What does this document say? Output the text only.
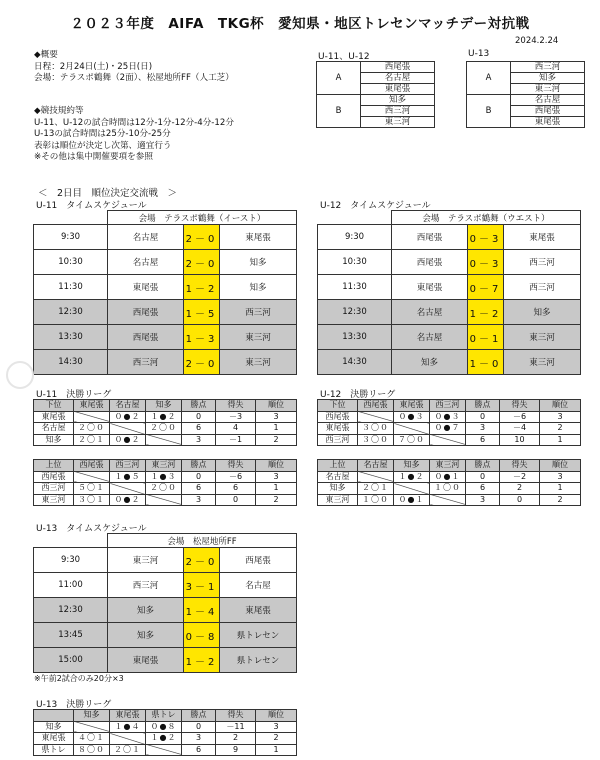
２０２３年度　AIFA　TKG杯　愛知県・地区トレセンマッチデー対抗戦
2024.2.24
◆概要
日程：2月24日(土)・25日(日)
会場：テラスポ鶴舞（2面）、松屋地所FF（人工芝）
◆競技規約等
U-11、U-12の試合時間は12分-1分-12分-4分-12分
U-13の試合時間は25分-10分-25分
表彰は順位が決定し次第、適宜行う
※その他は集中開催要項を参照
U-11、U-12
A	西尾張
	名古屋
	東尾張
B	知多
	西三河
	東三河
U-13
A	西三河
	知多
	東三河
B	名古屋
	西尾張
	東尾張
＜　2日目　順位決定交流戦　＞
U-11　タイムスケジュール
	会場　テラスポ鶴舞（イースト）		
9:30	名古屋	2－0	東尾張
10:30	名古屋	2－0	知多
11:30	東尾張	1－2	知多
12:30	西尾張	1－5	西三河
13:30	西尾張	1－3	東三河
14:30	西三河	2－0	東三河
U-12　タイムスケジュール
	会場　テラスポ鶴舞（ウエスト）		
9:30	西尾張	0－3	東尾張
10:30	西尾張	0－3	西三河
11:30	東尾張	0－7	西三河
12:30	名古屋	1－2	知多
13:30	名古屋	0－1	東三河
14:30	知多	1－0	東三河
U-11　決勝リーグ
下位	東尾張	名古屋	知多	勝点	得失	順位
東尾張		０●２	１●２	0	－3	3
名古屋	２〇０		２〇０	6	4	1
知多	２〇１	０●２		3	－1	2
上位	西尾張	西三河	東三河	勝点	得失	順位
西尾張		１●５	１●３	0	－6	3
西三河	５〇１		２〇０	6	6	1
東三河	３〇１	０●２		3	0	2
U-12　決勝リーグ
下位	西尾張	東尾張	西三河	勝点	得失	順位
西尾張		０●３	０●３	0	－6	3
東尾張	３〇０		０●７	3	－4	2
西三河	３〇０	７〇０		6	10	1
上位	名古屋	知多	東三河	勝点	得失	順位
名古屋		１●２	０●１	0	－2	3
知多	２〇１		１〇０	6	2	1
東三河	１〇０	０●１		3	0	2
U-13　タイムスケジュール
	会場　松屋地所FF		
9:30	東三河	2－0	西尾張
11:00	西三河	3－1	名古屋
12:30	知多	1－4	東尾張
13:45	知多	0－8	県トレセン
15:00	東尾張	1－2	県トレセン
※午前2試合のみ20分×3
U-13　決勝リーグ
	知多	東尾張	県トレ	勝点	得失	順位
知多		１●４	０●８	0	－11	3
東尾張	４〇１		１●２	3	2	2
県トレ	８〇０	２〇１		6	9	1
